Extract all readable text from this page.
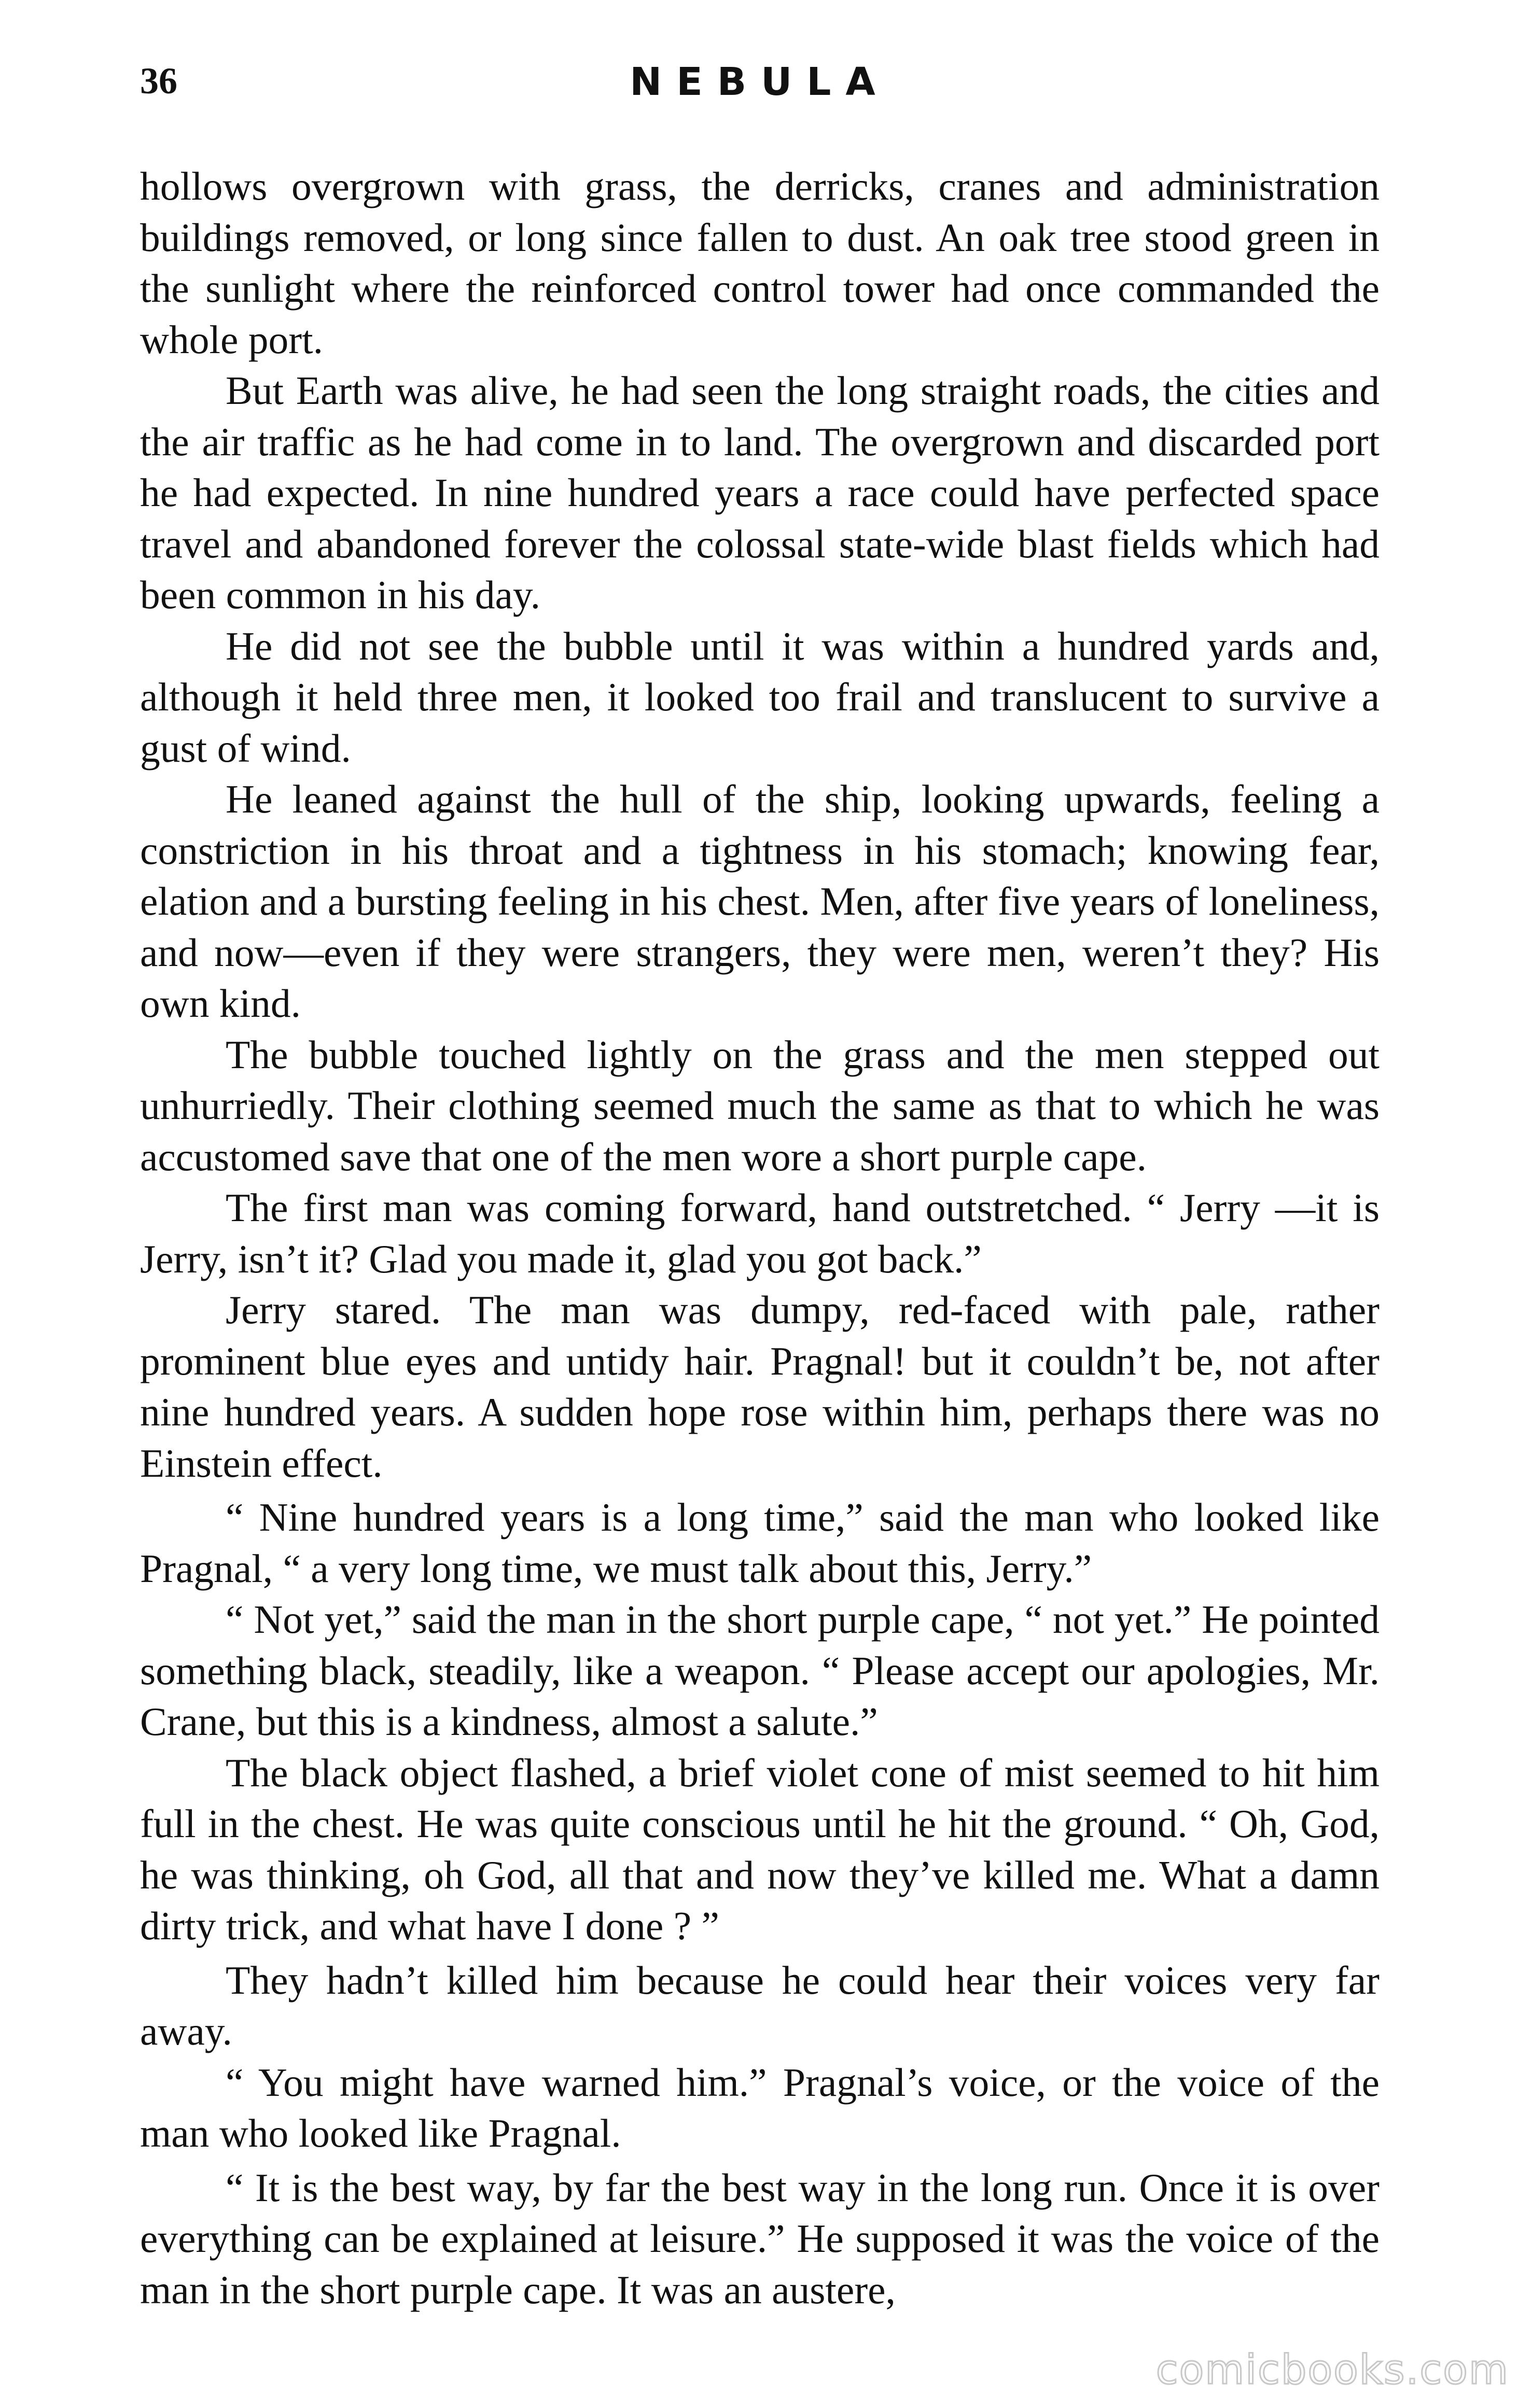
36	NEBULA

hollows overgrown with grass, the derricks, cranes and administration buildings removed, or long since fallen to dust. An oak tree stood green in the sunlight where the reinforced control tower had once commanded the whole port.

But Earth was alive, he had seen the long straight roads, the cities and the air traffic as he had come in to land. The overgrown and discarded port he had expected. In nine hundred years a race could have perfected space travel and abandoned forever the colossal state-wide blast fields which had been common in his day.

He did not see the bubble until it was within a hundred yards and, although it held three men, it looked too frail and translucent to survive a gust of wind.

He leaned against the hull of the ship, looking upwards, feeling a constriction in his throat and a tightness in his stomach; knowing fear, elation and a bursting feeling in his chest. Men, after five years of loneliness, and now—even if they were strangers, they were men, weren’t they? His own kind.

The bubble touched lightly on the grass and the men stepped out unhurriedly. Their clothing seemed much the same as that to which he was accustomed save that one of the men wore a short purple cape.

The first man was coming forward, hand outstretched. “ Jerry —it is Jerry, isn’t it? Glad you made it, glad you got back.”

Jerry stared. The man was dumpy, red-faced with pale, rather prominent blue eyes and untidy hair. Pragnal! but it couldn’t be, not after nine hundred years. A sudden hope rose within him, perhaps there was no Einstein effect.

“ Nine hundred years is a long time,” said the man who looked like Pragnal, “ a very long time, we must talk about this, Jerry.”

“ Not yet,” said the man in the short purple cape, “ not yet.” He pointed something black, steadily, like a weapon. “ Please accept our apologies, Mr. Crane, but this is a kindness, almost a salute.”

The black object flashed, a brief violet cone of mist seemed to hit him full in the chest. He was quite conscious until he hit the ground. “ Oh, God, he was thinking, oh God, all that and now they’ve killed me. What a damn dirty trick, and what have I done ? ”

They hadn’t killed him because he could hear their voices very far away.

“ You might have warned him.” Pragnal’s voice, or the voice of the man who looked like Pragnal.

“ It is the best way, by far the best way in the long run. Once it is over everything can be explained at leisure.” He supposed it was the voice of the man in the short purple cape. It was an austere,

comicbooks.com
